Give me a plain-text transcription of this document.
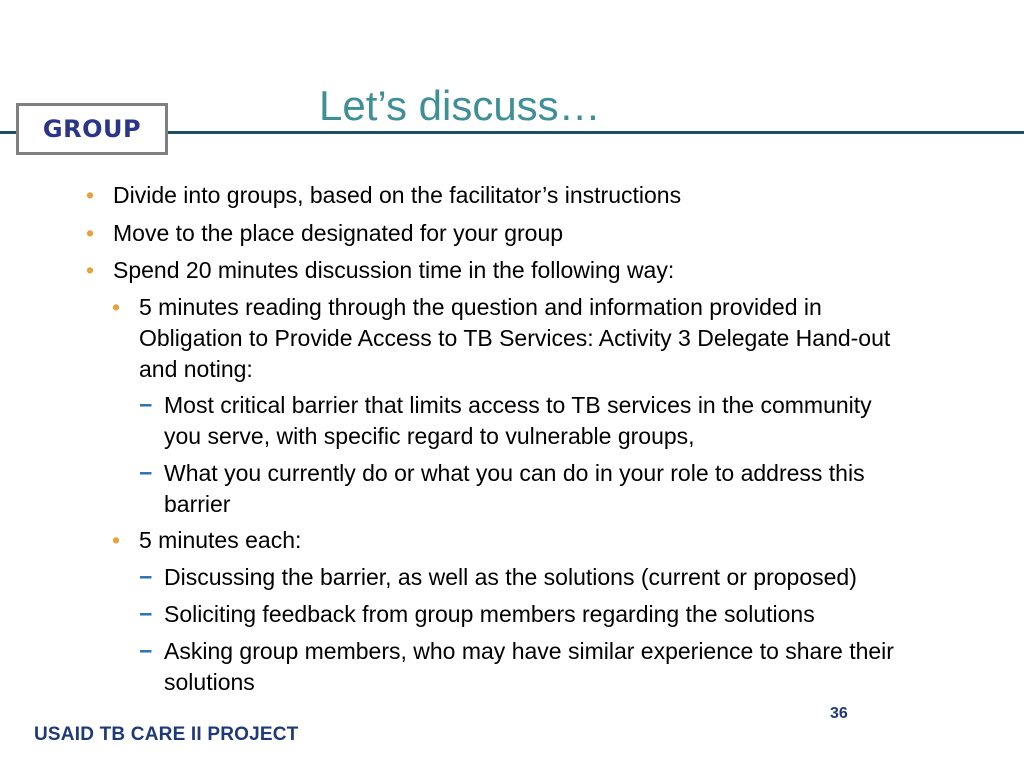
GROUP	Let’s discuss…
• Divide into groups, based on the facilitator’s instructions
• Move to the place designated for your group
• Spend 20 minutes discussion time in the following way:
• 5 minutes reading through the question and information provided in
Obligation to Provide Access to TB Services: Activity 3 Delegate Hand-out
and noting:
− Most critical barrier that limits access to TB services in the community
you serve, with specific regard to vulnerable groups,
− What you currently do or what you can do in your role to address this
barrier
• 5 minutes each:
− Discussing the barrier, as well as the solutions (current or proposed)
− Soliciting feedback from group members regarding the solutions
− Asking group members, who may have similar experience to share their
solutions
36
USAID TB CARE II PROJECT
